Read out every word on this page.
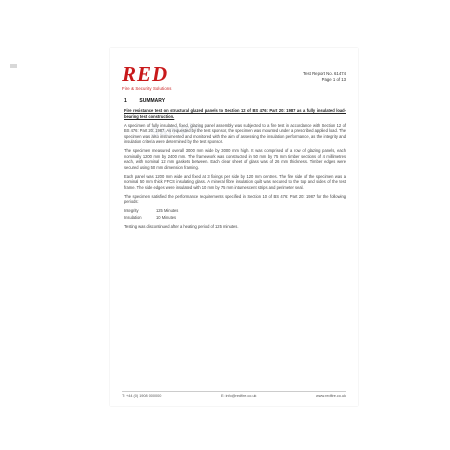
RED
Fire & Security Solutions
Test Report No. 61474
Page 1 of 13
1	SUMMARY

Fire resistance test on structural glazed panels to Section 12 of BS 476: Part 20: 1987 as a fully insulated load-bearing test construction.

A specimen of fully insulated, fixed, glazing panel assembly was subjected to a fire test in accordance with Section 12 of BS 476: Part 20: 1987. As requested by the test sponsor, the specimen was mounted under a prescribed applied load. The specimen was also instrumented and monitored with the aim of assessing the insulation performance, as the integrity and insulation criteria were determined by the test sponsor.

The specimen measured overall 3000 mm wide by 3000 mm high. It was comprised of a row of glazing panels, each nominally 1200 mm by 2400 mm. The framework was constructed in 50 mm by 75 mm timber sections of 4 millimetres each, with nominal 12 mm gaskets between. Each clear sheet of glass was of 26 mm thickness. Timber edges were secured using 50 mm dimension framing.

Each panel was 1200 mm wide and fixed at 3 fixings per side by 120 mm centres. The fire side of the specimen was a nominal 50 mm thick FFCS insulating glass. A mineral fibre insulation quilt was secured to the top and sides of the test frame. The side edges were insulated with 10 mm by 75 mm intumescent strips and perimeter seal.

The specimen satisfied the performance requirements specified in Section 10 of BS 476: Part 20: 1987 for the following periods:

Integrity	125 Minutes
Insulation	10 Minutes

Testing was discontinued after a heating period of 125 minutes.

T: +44 (0) 1908 000000	E: info@redfire.co.uk	www.redfire.co.uk
